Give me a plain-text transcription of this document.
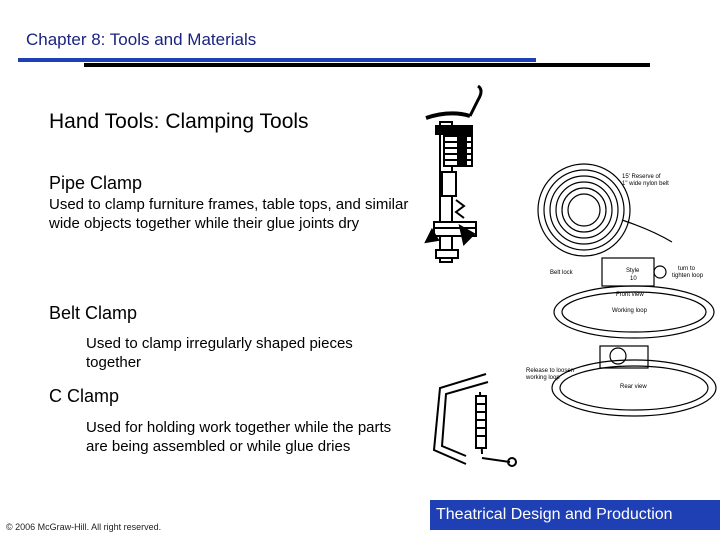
Chapter 8: Tools and Materials
Hand Tools: Clamping Tools
Pipe Clamp
Used to clamp furniture frames, table tops, and similar wide objects together while their glue joints dry
Belt Clamp
Used to clamp irregularly shaped pieces together
C Clamp
Used for holding work together while the parts are being assembled or while glue dries
15' Reserve of
1" wide nylon belt
Belt lock	Style
10
turn to
tighten loop
Front view
Working loop
Release to loosen
working loop
Rear view
Theatrical Design and Production
© 2006 McGraw-Hill. All right reserved.
